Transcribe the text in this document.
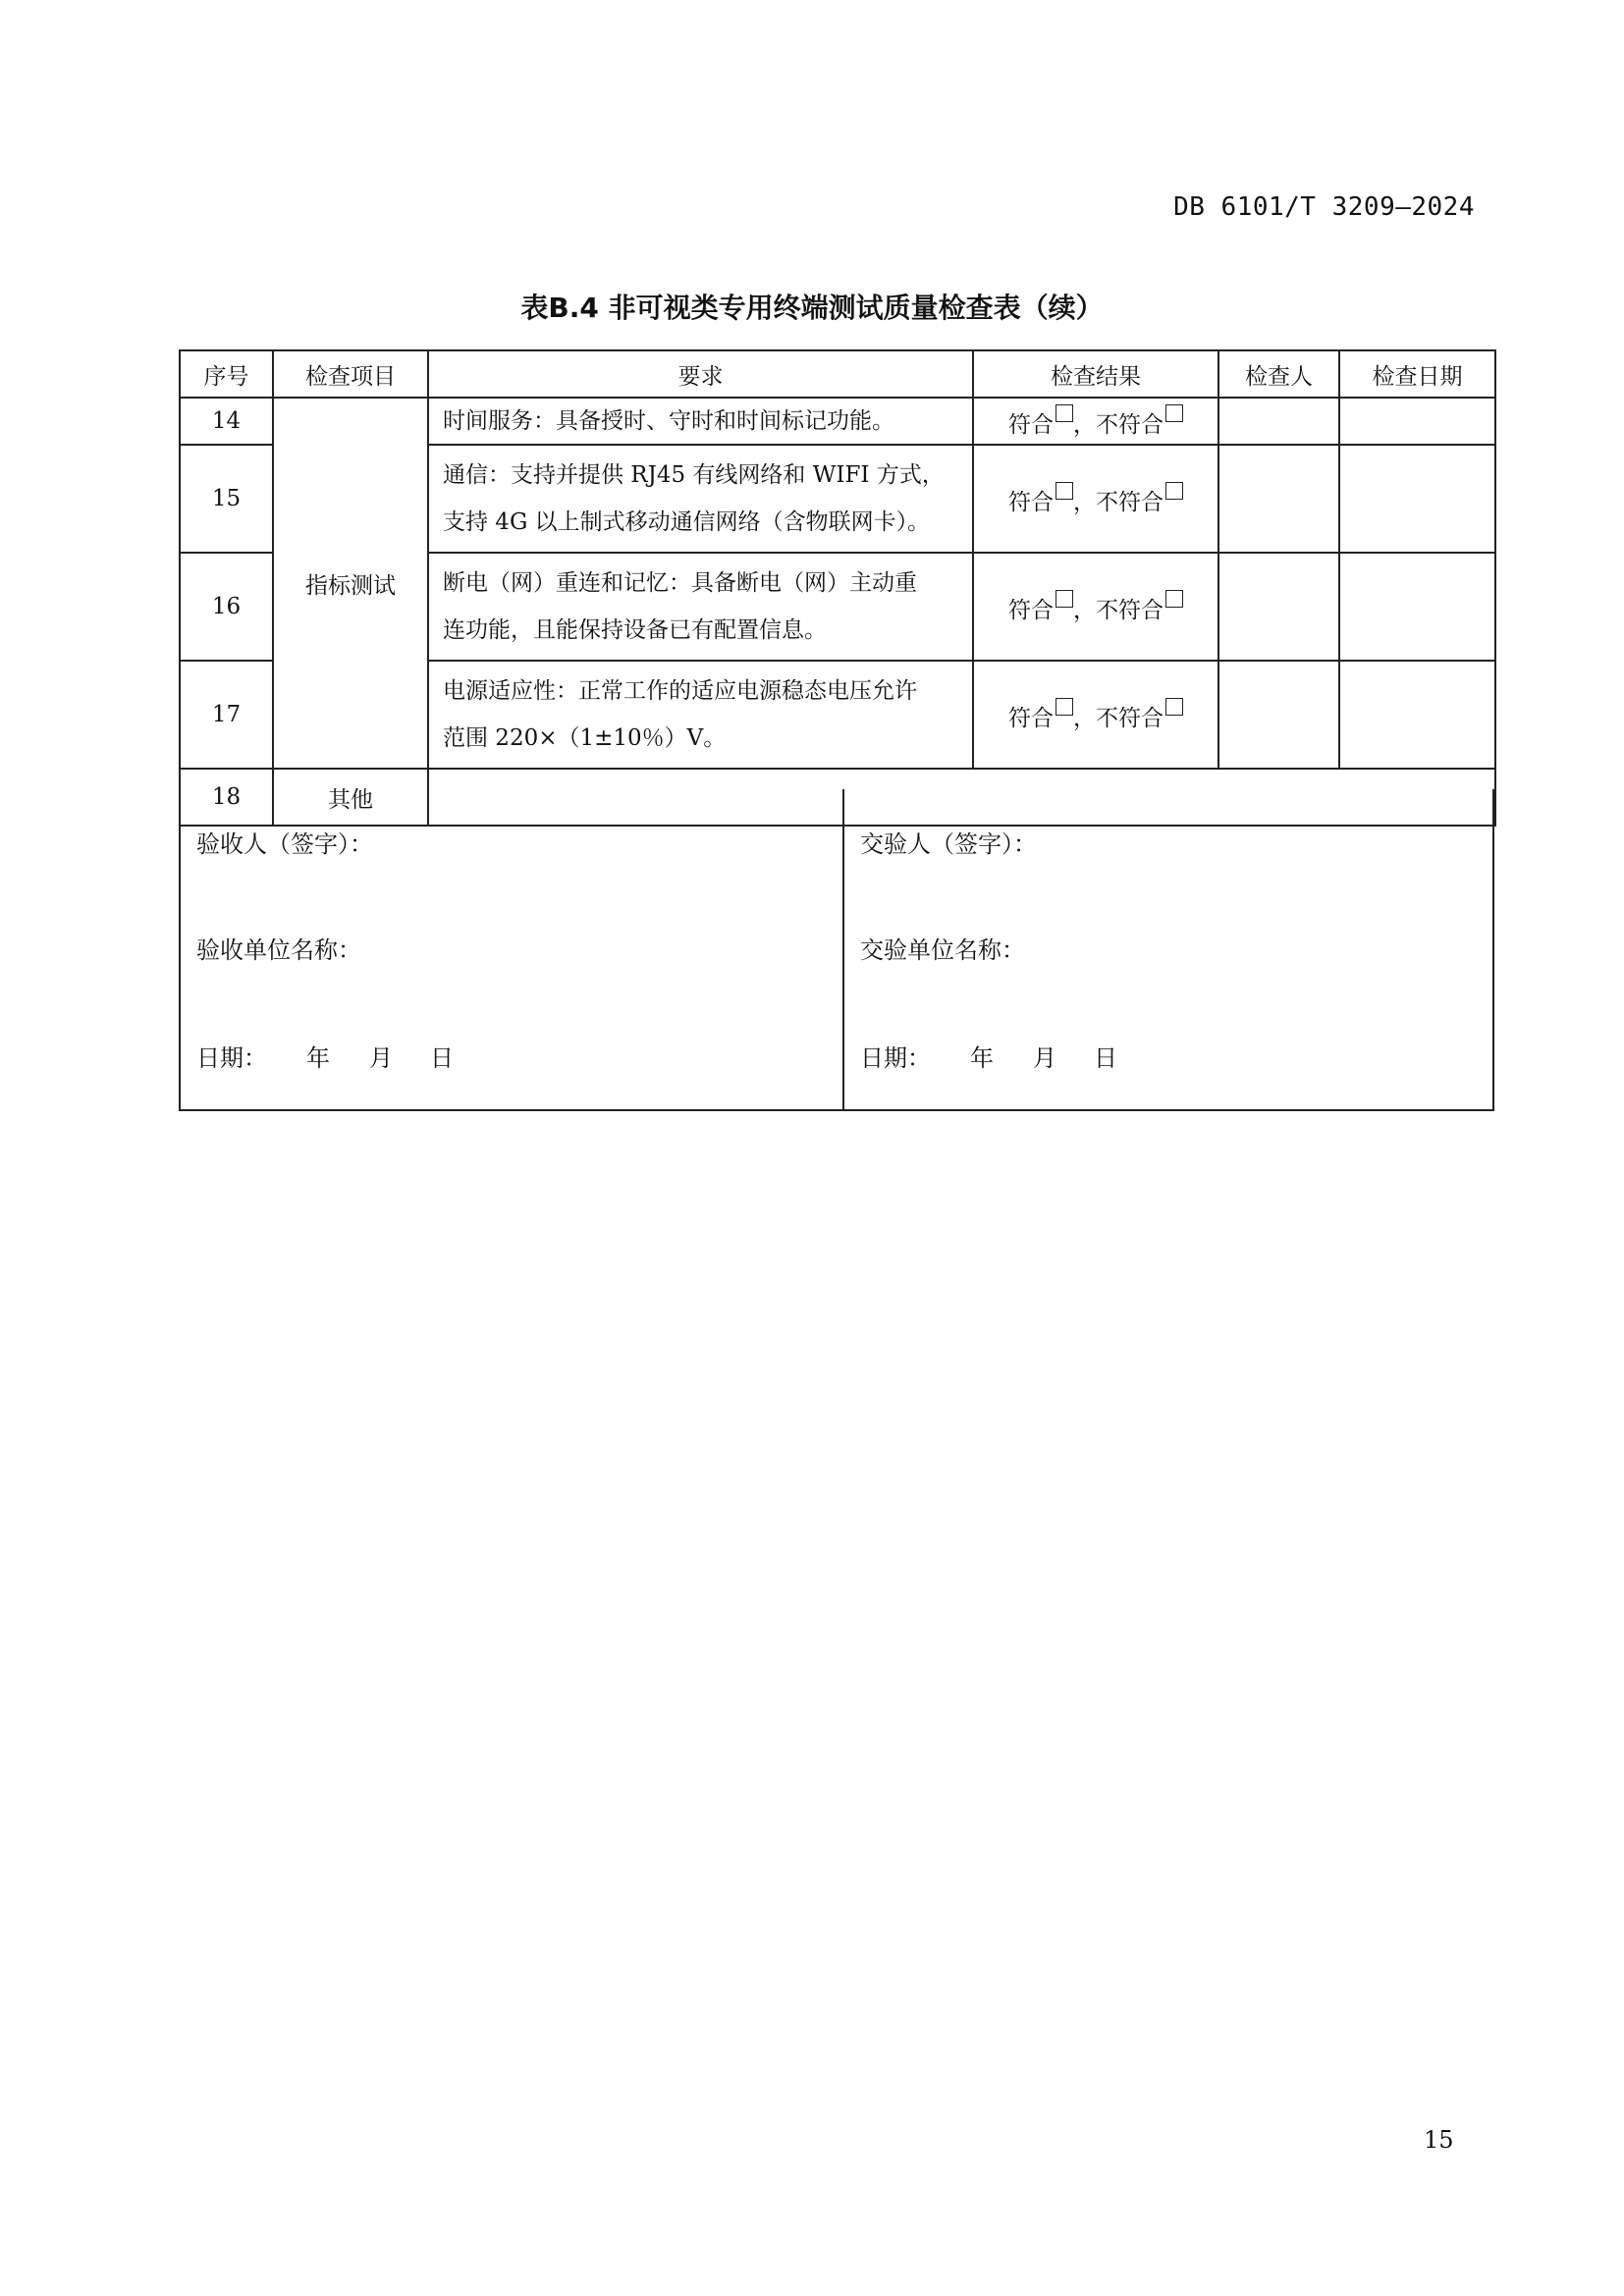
DB 6101/T 3209—2024
表B.4 非可视类专用终端测试质量检查表（续）
序号	检查项目	要求	检查结果	检查人	检查日期
14	指标测试	时间服务：具备授时、守时和时间标记功能。	符合 ，不符合		
15		通信：支持并提供 RJ45 有线网络和 WIFI 方式，
支持 4G 以上制式移动通信网络（含物联网卡）。	符合 ，不符合		
16		断电（网）重连和记忆：具备断电（网）主动重
连功能，且能保持设备已有配置信息。	符合 ，不符合		
17		电源适应性：正常工作的适应电源稳态电压允许
范围 220×（1±10％）V。	符合 ，不符合		
18	其他				
验收人（签字）：
验收单位名称：
日期： 年 月 日
交验人（签字）：
交验单位名称：
日期： 年 月 日
15
